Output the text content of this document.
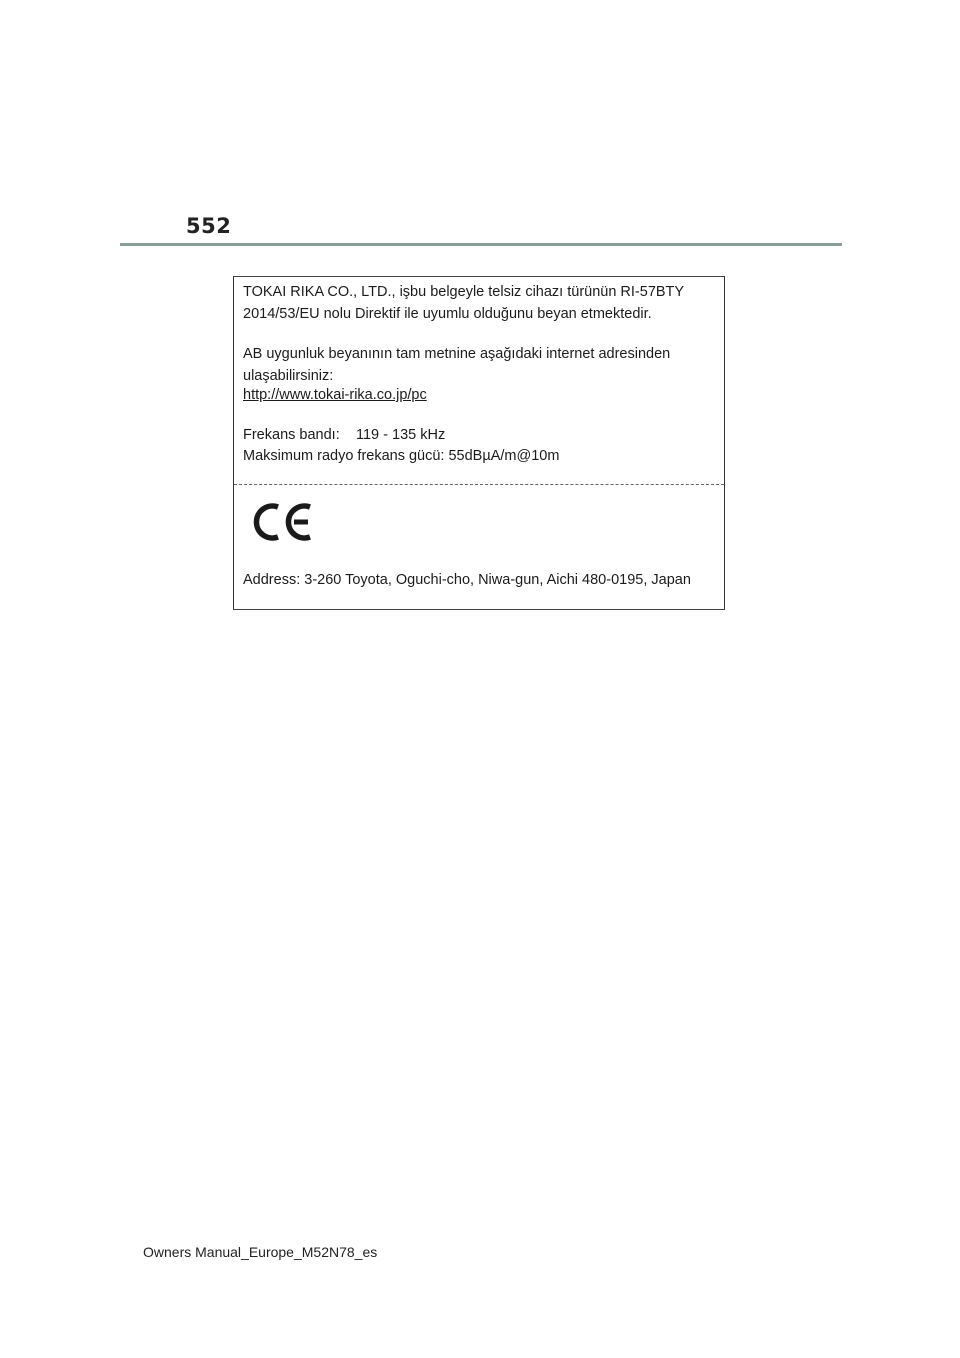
552
TOKAI RIKA CO., LTD., işbu belgeyle telsiz cihazı türünün RI-57BTY
2014/53/EU nolu Direktif ile uyumlu olduğunu beyan etmektedir.
AB uygunluk beyanının tam metnine aşağıdaki internet adresinden
ulaşabilirsiniz:
http://www.tokai-rika.co.jp/pc
Frekans bandı: 119 - 135 kHz
Maksimum radyo frekans gücü: 55dBµA/m@10m
Address: 3-260 Toyota, Oguchi-cho, Niwa-gun, Aichi 480-0195, Japan
Owners Manual_Europe_M52N78_es
